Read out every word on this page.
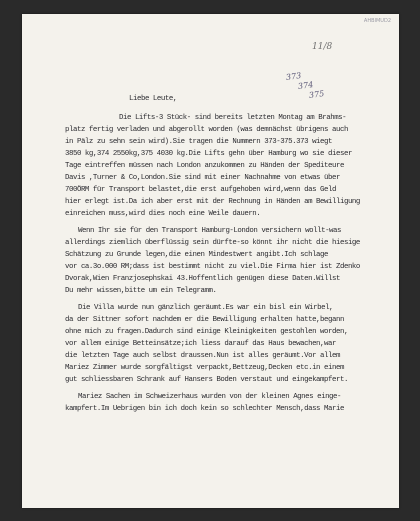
AHBIMUD2
11/8
373
374
375
Liebe Leute,
Die Lifts-3 Stück- sind bereits letzten Montag am Brahms-
platz fertig verladen und abgerollt worden (was demnächst übrigens auch
in Pälz zu sehn sein wird).Sie tragen die Nummern 373-375.373 wiegt
3850 kg,374 2550kg,375 4030 kg.Die Lifts gehn über Hamburg wo sie dieser
Tage eintreffen müssen nach London anzukommen zu Händen der Spediteure
Davis ,Turner & Co,London.Sie sind mit einer Nachnahme von etwas über
700ÖRM für Transport belastet,die erst aufgehoben wird,wenn das Geld
hier erlegt ist.Da ich aber erst mit der Rechnung in Händen am Bewilligung
einreichen muss,wird dies noch eine Weile dauern.
Wenn Ihr sie für den Transport Hamburg-London versichern wollt-was
allerdings ziemlich überflüssig sein dürfte-so könnt ihr nicht die hiesige
Schätzung zu Grunde legen,die einen Mindestwert angibt.Ich schlage
vor ca.3o.000 RM;dass ist bestimmt nicht zu viel.Die Firma hier ist Zdenko
Dvorak,Wien Franzjosephskai 43.Hoffentlich genügen diese Daten.Willst
Du mehr wissen,bitte um ein Telegramm.
Die Villa wurde nun gänzlich geräumt.Es war ein bisl ein Wirbel,
da der Sittner sofort nachdem er die Bewilligung erhalten hatte,begann
ohne mich zu fragen.Dadurch sind einige Kleinigkeiten gestohlen worden,
vor allem einige Betteinsätze;ich liess darauf das Haus bewachen,war
die letzten Tage auch selbst draussen.Nun ist alles geräumt.Vor allem
Mariez Zimmer wurde sorgfältigst verpackt,Bettzeug,Decken etc.in einem
gut schliessbaren Schrank auf Hansers Boden verstaut und eingekampfert.
Mariez Sachen im Schweizerhaus wurden von der kleinen Agnes einge-
kampfert.Im Uebrigen bin ich doch kein so schlechter Mensch,dass Marie
